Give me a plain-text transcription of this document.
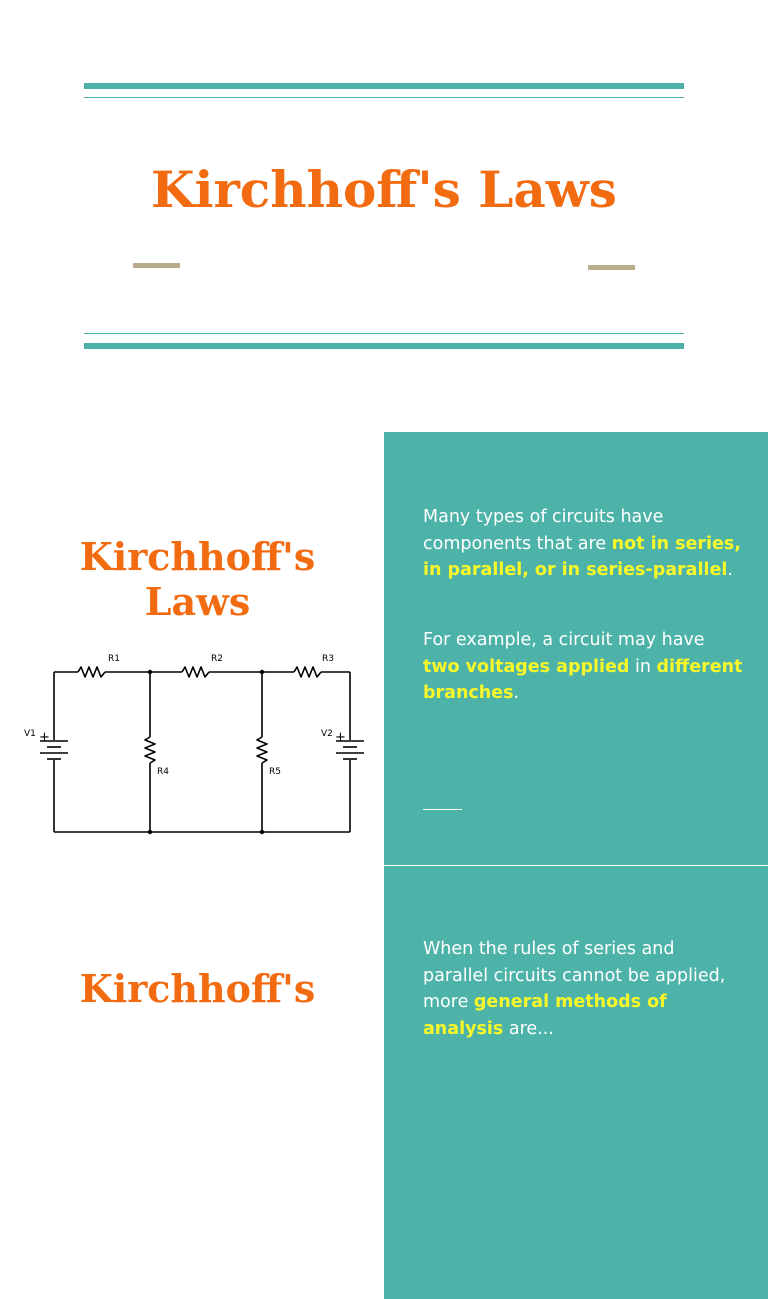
Kirchhoff's Laws
Kirchhoff's
Laws
R1	R2	R3
R4	R5
V1 +	V2 +

Many types of circuits have components that are not in series, in parallel, or in series-parallel.

For example, a circuit may have two voltages applied in different branches.

Kirchhoff's

When the rules of series and parallel circuits cannot be applied, more general methods of analysis are...
